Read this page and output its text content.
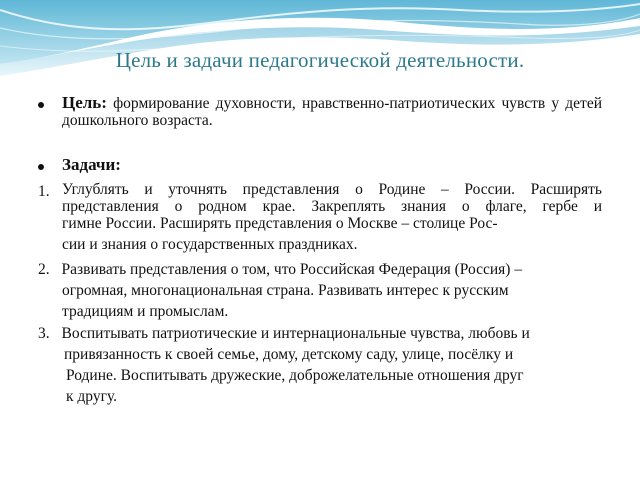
Цель и задачи педагогической деятельности.
Цель: формирование духовности, нравственно-патриотических чувств у детей дошкольного возраста.
Задачи:
1. Углублять и уточнять представления о Родине – России. Расширять
представления о родном крае. Закреплять знания о флаге, гербе и
гимне России. Расширять представления о Москве – столице Рос-
сии и знания о государственных праздниках.
2. Развивать представления о том, что Российская Федерация (Россия) –
огромная, многонациональная страна. Развивать интерес к русским
традициям и промыслам.
3. Воспитывать патриотические и интернациональные чувства, любовь и
привязанность к своей семье, дому, детскому саду, улице, посёлку и
Родине. Воспитывать дружеские, доброжелательные отношения друг
к другу.
